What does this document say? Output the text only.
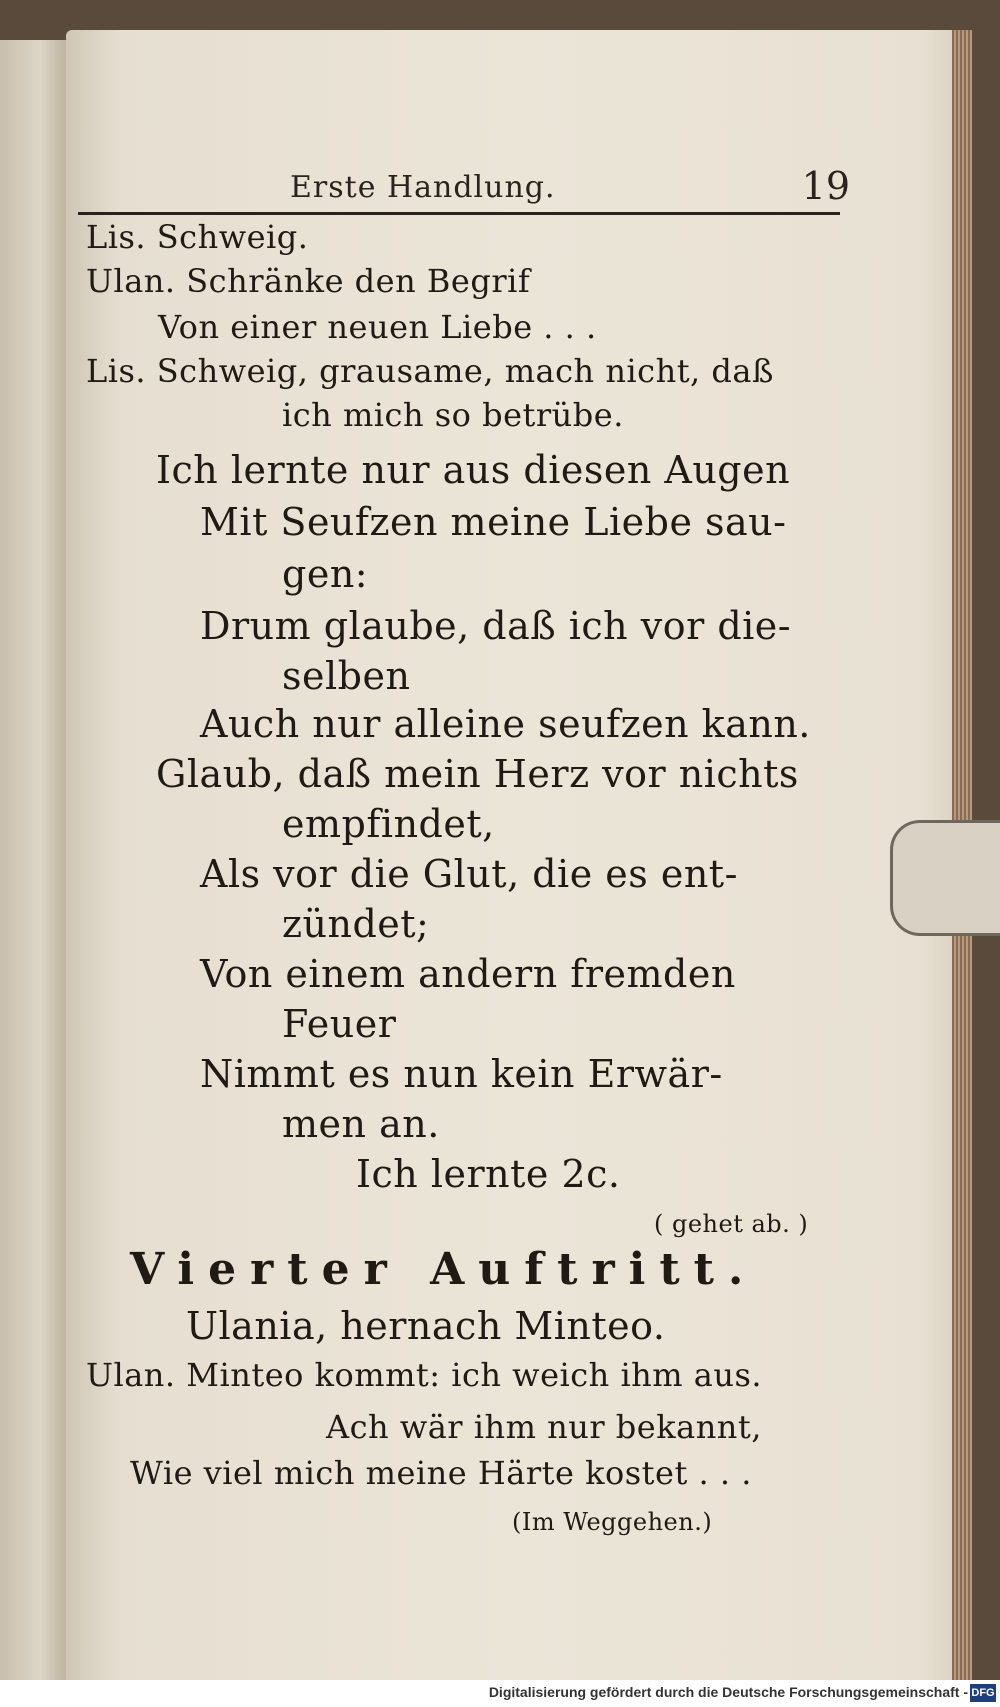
Erste Handlung.	19
Lis. Schweig.
Ulan. Schränke den Begrif
Von einer neuen Liebe . . .
Lis. Schweig, grausame, mach nicht, daß
ich mich so betrübe.
Ich lernte nur aus diesen Augen
Mit Seufzen meine Liebe sau-
gen:
Drum glaube, daß ich vor die-
selben
Auch nur alleine seufzen kann.
Glaub, daß mein Herz vor nichts
empfindet,
Als vor die Glut, die es ent-
zündet;
Von einem andern fremden
Feuer
Nimmt es nun kein Erwär-
men an.
Ich lernte 2c.
( gehet ab. )
Vierter Auftritt.
Ulania, hernach Minteo.
Ulan. Minteo kommt: ich weich ihm aus.
Ach wär ihm nur bekannt,
Wie viel mich meine Härte kostet . . .
(Im Weggehen.)
Digitalisierung gefördert durch die Deutsche Forschungsgemeinschaft - DFG
